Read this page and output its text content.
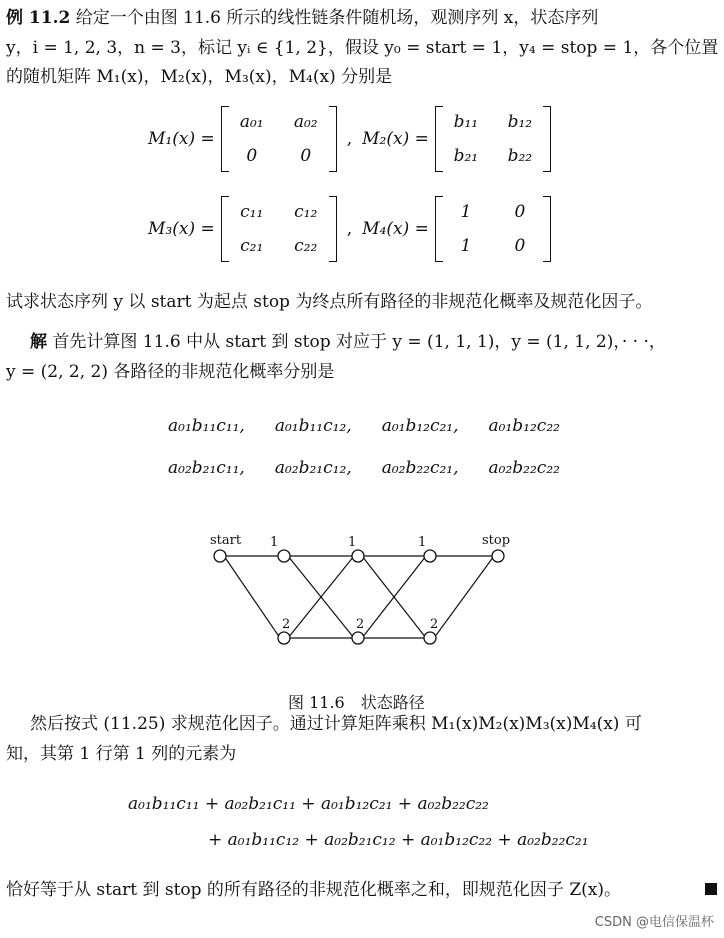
例 11.2 给定一个由图 11.6 所示的线性链条件随机场，观测序列 x，状态序列
y，i = 1, 2, 3，n = 3，标记 yᵢ ∈ {1, 2}，假设 y₀ = start = 1，y₄ = stop = 1，各个位置
的随机矩阵 M₁(x)，M₂(x)，M₃(x)，M₄(x) 分别是
M₁(x) =
a₀₁	a₀₂
0	0
, M₂(x) =
b₁₁ b₁₂
b₂₁ b₂₂
M₃(x) =
c₁₁	c₁₂
c₂₁	c₂₂
, M₄(x) =
1	0
1	0
试求状态序列 y 以 start 为起点 stop 为终点所有路径的非规范化概率及规范化因子。
解 首先计算图 11.6 中从 start 到 stop 对应于 y = (1, 1, 1)，y = (1, 1, 2)，· · ·，
y = (2, 2, 2) 各路径的非规范化概率分别是
a₀₁b₁₁c₁₁, a₀₁b₁₁c₁₂, a₀₁b₁₂c₂₁, a₀₁b₁₂c₂₂
a₀₂b₂₁c₁₁, a₀₂b₂₁c₁₂, a₀₂b₂₂c₂₁, a₀₂b₂₂c₂₂
start	stop
1	1	1
2	2	2
图 11.6　状态路径
然后按式 (11.25) 求规范化因子。通过计算矩阵乘积 M₁(x)M₂(x)M₃(x)M₄(x) 可
知，其第 1 行第 1 列的元素为
a₀₁b₁₁c₁₁ + a₀₂b₂₁c₁₁ + a₀₁b₁₂c₂₁ + a₀₂b₂₂c₂₂
+ a₀₁b₁₁c₁₂ + a₀₂b₂₁c₁₂ + a₀₁b₁₂c₂₂ + a₀₂b₂₂c₂₁
恰好等于从 start 到 stop 的所有路径的非规范化概率之和，即规范化因子 Z(x)。
CSDN @电信保温杯
